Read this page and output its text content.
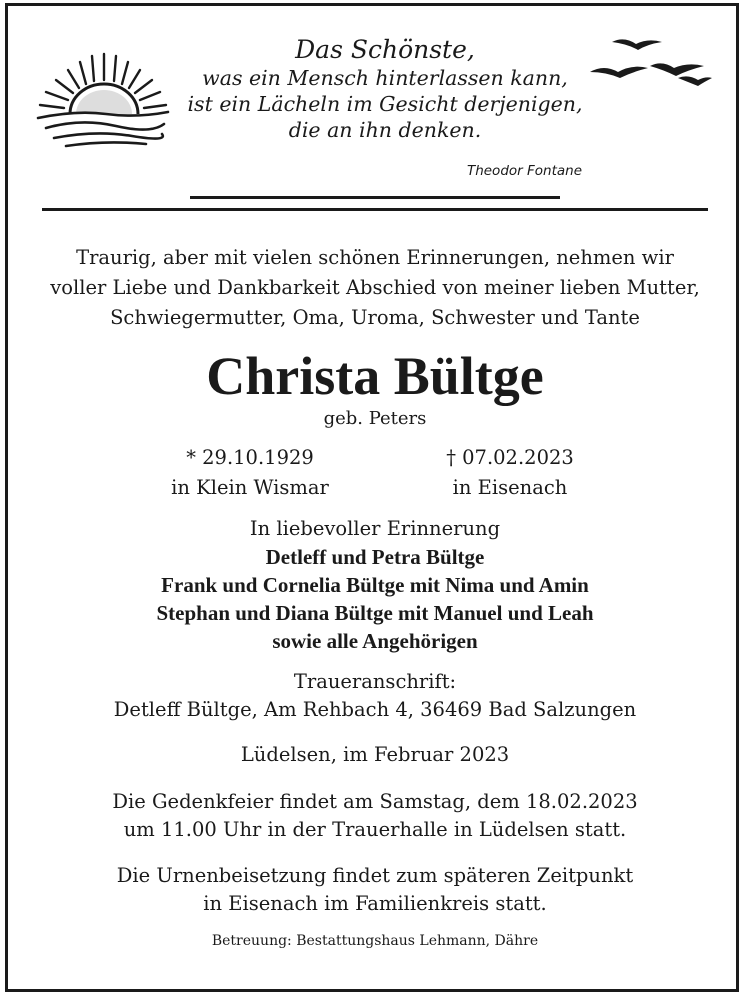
Das Schönste,
was ein Mensch hinterlassen kann,
ist ein Lächeln im Gesicht derjenigen,
die an ihn denken.
Theodor Fontane
Traurig, aber mit vielen schönen Erinnerungen, nehmen wir
voller Liebe und Dankbarkeit Abschied von meiner lieben Mutter,
Schwiegermutter, Oma, Uroma, Schwester und Tante
Christa Bültge
geb. Peters
* 29.10.1929
in Klein Wismar
† 07.02.2023
in Eisenach
In liebevoller Erinnerung
Detleff und Petra Bültge
Frank und Cornelia Bültge mit Nima und Amin
Stephan und Diana Bültge mit Manuel und Leah
sowie alle Angehörigen
Traueranschrift:
Detleff Bültge, Am Rehbach 4, 36469 Bad Salzungen
Lüdelsen, im Februar 2023
Die Gedenkfeier findet am Samstag, dem 18.02.2023
um 11.00 Uhr in der Trauerhalle in Lüdelsen statt.
Die Urnenbeisetzung findet zum späteren Zeitpunkt
in Eisenach im Familienkreis statt.
Betreuung: Bestattungshaus Lehmann, Dähre
